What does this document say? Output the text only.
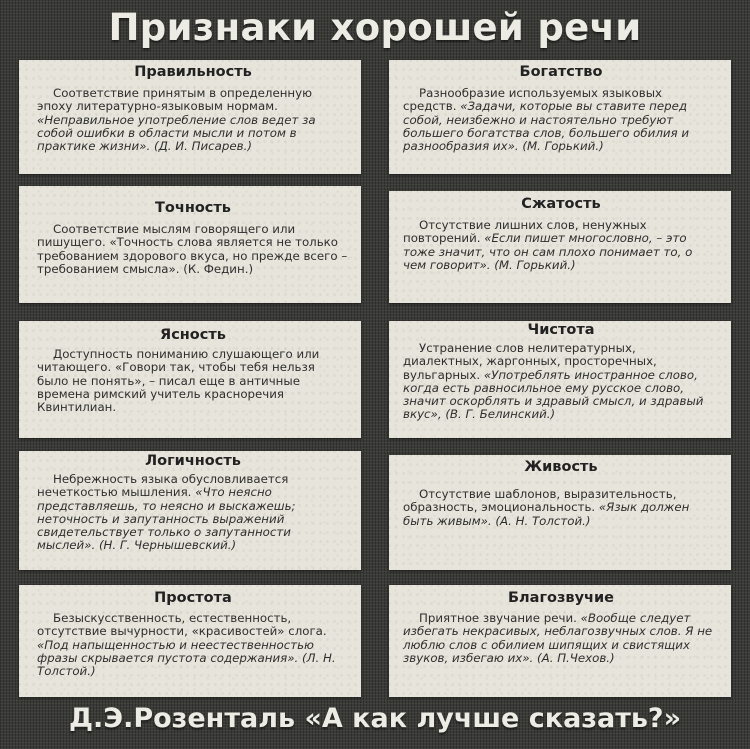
Признаки хорошей речи
Правильность

Соответствие принятым в определенную эпоху литературно-языковым нормам. «Неправильное употребление слов ведет за собой ошибки в области мысли и потом в практике жизни». (Д. И. Писарев.)

Точность

Соответствие мыслям говорящего или пишущего. «Точность слова является не только требованием здорового вкуса, но прежде всего – требованием смысла». (К. Федин.)

Ясность

Доступность пониманию слушающего или читающего. «Говори так, чтобы тебя нельзя было не понять», – писал еще в античные времена римский учитель красноречия Квинтилиан.

Логичность

Небрежность языка обусловливается нечеткостью мышления. «Что неясно представляешь, то неясно и выскажешь; неточность и запутанность выражений свидетельствует только о запутанности мыслей». (Н. Г. Чернышевский.)

Простота

Безыскусственность, естественность, отсутствие вычурности, «красивостей» слога. «Под напыщенностью и неестественностью фразы скрывается пустота содержания». (Л. Н. Толстой.)

Богатство

Разнообразие используемых языковых средств. «Задачи, которые вы ставите перед собой, неизбежно и настоятельно требуют большего богатства слов, большего обилия и разнообразия их». (М. Горький.)

Сжатость

Отсутствие лишних слов, ненужных повторений. «Если пишет многословно, – это тоже значит, что он сам плохо понимает то, о чем говорит». (М. Горький.)

Чистота

Устранение слов нелитературных, диалектных, жаргонных, просторечных, вульгарных. «Употреблять иностранное слово, когда есть равносильное ему русское слово, значит оскорблять и здравый смысл, и здравый вкус», (В. Г. Белинский.)

Живость

Отсутствие шаблонов, выразительность, образность, эмоциональность. «Язык должен быть живым». (А. Н. Толстой.)

Благозвучие

Приятное звучание речи. «Вообще следует избегать некрасивых, неблагозвучных слов. Я не люблю слов с обилием шипящих и свистящих звуков, избегаю их». (А. П.Чехов.)

Д.Э.Розенталь «А как лучше сказать?»
